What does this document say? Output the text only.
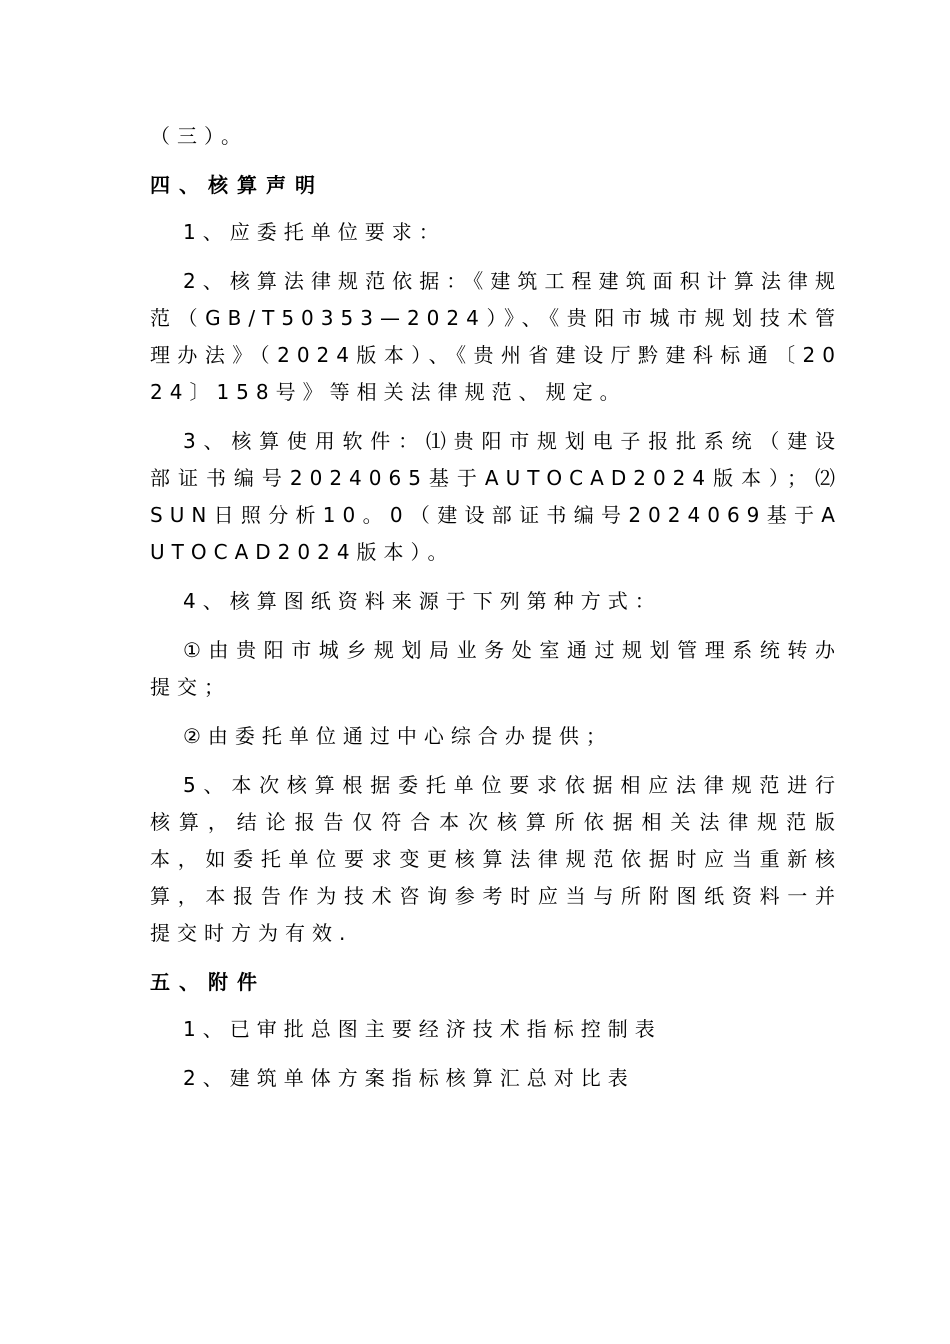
（三）。

四、核算声明

1、应委托单位要求：

2、核算法律规范依据：《建筑工程建筑面积计算法律规范（GB/T50353—2024）》、《贵阳市城市规划技术管理办法》（2024版本）、《贵州省建设厅黔建科标通〔2024〕158号》等相关法律规范、规定。

3、核算使用软件：⑴贵阳市规划电子报批系统（建设部证书编号2024065基于AUTOCAD2024版本）；⑵SUN日照分析10。0（建设部证书编号2024069基于AUTOCAD2024版本）。

4、核算图纸资料来源于下列第种方式：

①由贵阳市城乡规划局业务处室通过规划管理系统转办提交；

②由委托单位通过中心综合办提供；

5、本次核算根据委托单位要求依据相应法律规范进行核算，结论报告仅符合本次核算所依据相关法律规范版本，如委托单位要求变更核算法律规范依据时应当重新核算，本报告作为技术咨询参考时应当与所附图纸资料一并提交时方为有效.

五、附件

1、已审批总图主要经济技术指标控制表

2、建筑单体方案指标核算汇总对比表
